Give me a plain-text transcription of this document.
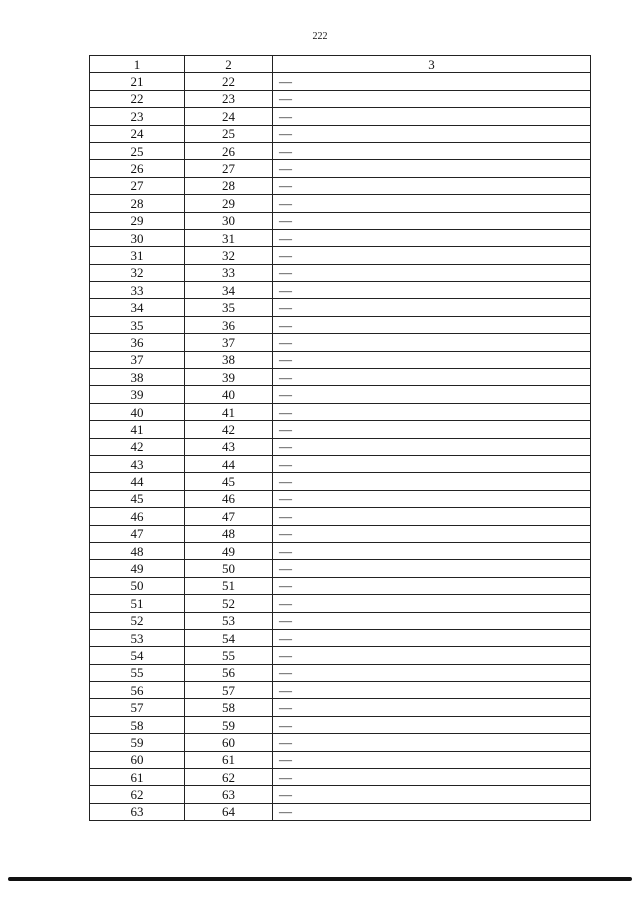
222
1	2	3
21	22	—
22	23	—
23	24	—
24	25	—
25	26	—
26	27	—
27	28	—
28	29	—
29	30	—
30	31	—
31	32	—
32	33	—
33	34	—
34	35	—
35	36	—
36	37	—
37	38	—
38	39	—
39	40	—
40	41	—
41	42	—
42	43	—
43	44	—
44	45	—
45	46	—
46	47	—
47	48	—
48	49	—
49	50	—
50	51	—
51	52	—
52	53	—
53	54	—
54	55	—
55	56	—
56	57	—
57	58	—
58	59	—
59	60	—
60	61	—
61	62	—
62	63	—
63	64	—
